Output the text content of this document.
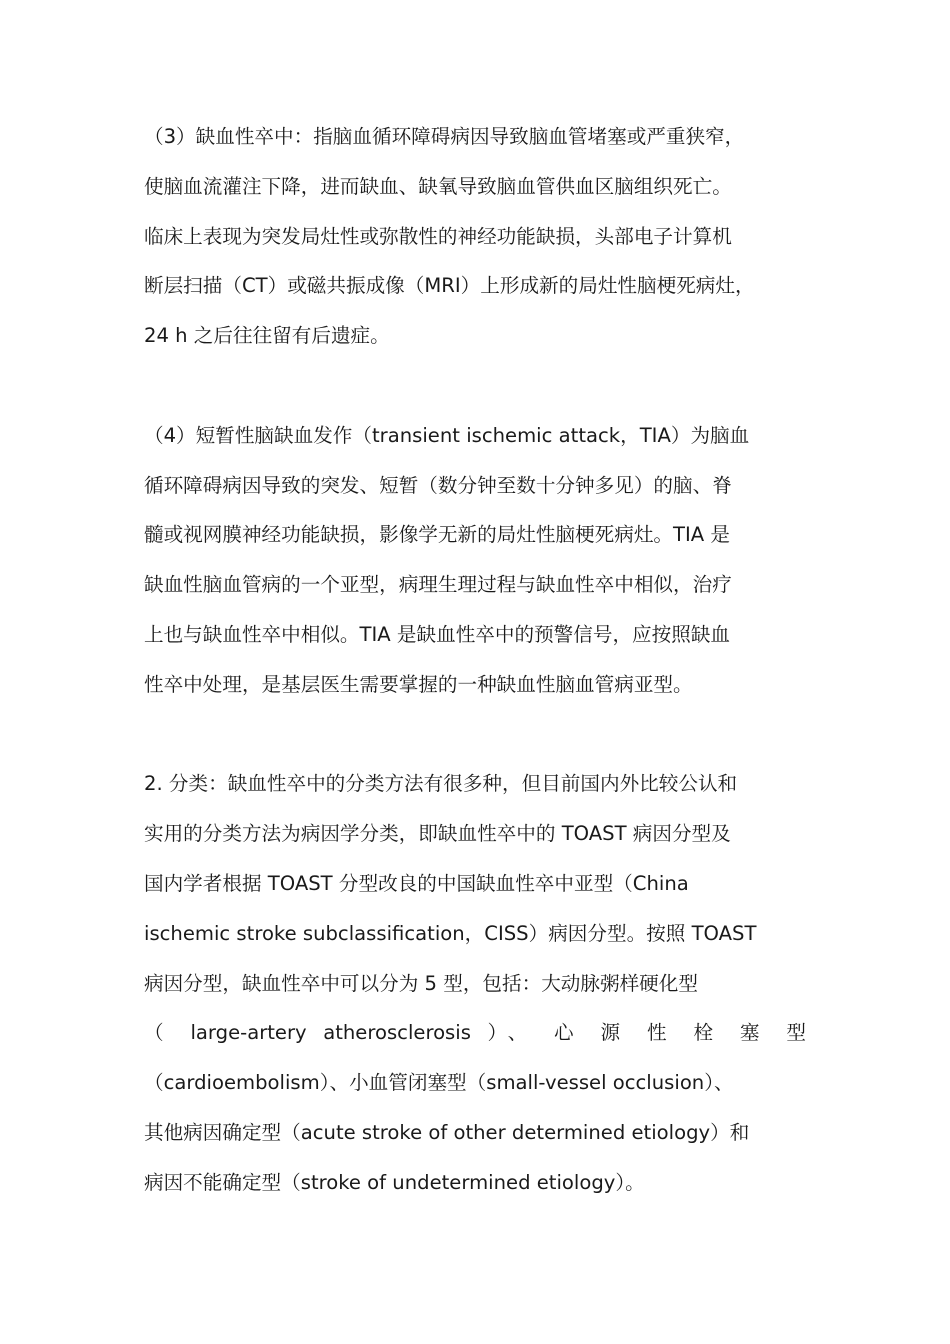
（3）缺血性卒中：指脑血循环障碍病因导致脑血管堵塞或严重狭窄，
使脑血流灌注下降，进而缺血、缺氧导致脑血管供血区脑组织死亡。
临床上表现为突发局灶性或弥散性的神经功能缺损，头部电子计算机
断层扫描（CT）或磁共振成像（MRI）上形成新的局灶性脑梗死病灶，
24 h 之后往往留有后遗症。
（4）短暂性脑缺血发作（transient ischemic attack，TIA）为脑血
循环障碍病因导致的突发、短暂（数分钟至数十分钟多见）的脑、脊
髓或视网膜神经功能缺损，影像学无新的局灶性脑梗死病灶。TIA 是
缺血性脑血管病的一个亚型，病理生理过程与缺血性卒中相似，治疗
上也与缺血性卒中相似。TIA 是缺血性卒中的预警信号，应按照缺血
性卒中处理，是基层医生需要掌握的一种缺血性脑血管病亚型。
2. 分类：缺血性卒中的分类方法有很多种，但目前国内外比较公认和
实用的分类方法为病因学分类，即缺血性卒中的 TOAST 病因分型及
国内学者根据 TOAST 分型改良的中国缺血性卒中亚型（China
ischemic stroke subclassification，CISS）病因分型。按照 TOAST
病因分型，缺血性卒中可以分为 5 型，包括：大动脉粥样硬化型
（ large-artery atherosclerosis ）、 心 源 性 栓 塞 型
（cardioembolism）、小血管闭塞型（small-vessel occlusion）、
其他病因确定型（acute stroke of other determined etiology）和
病因不能确定型（stroke of undetermined etiology）。
